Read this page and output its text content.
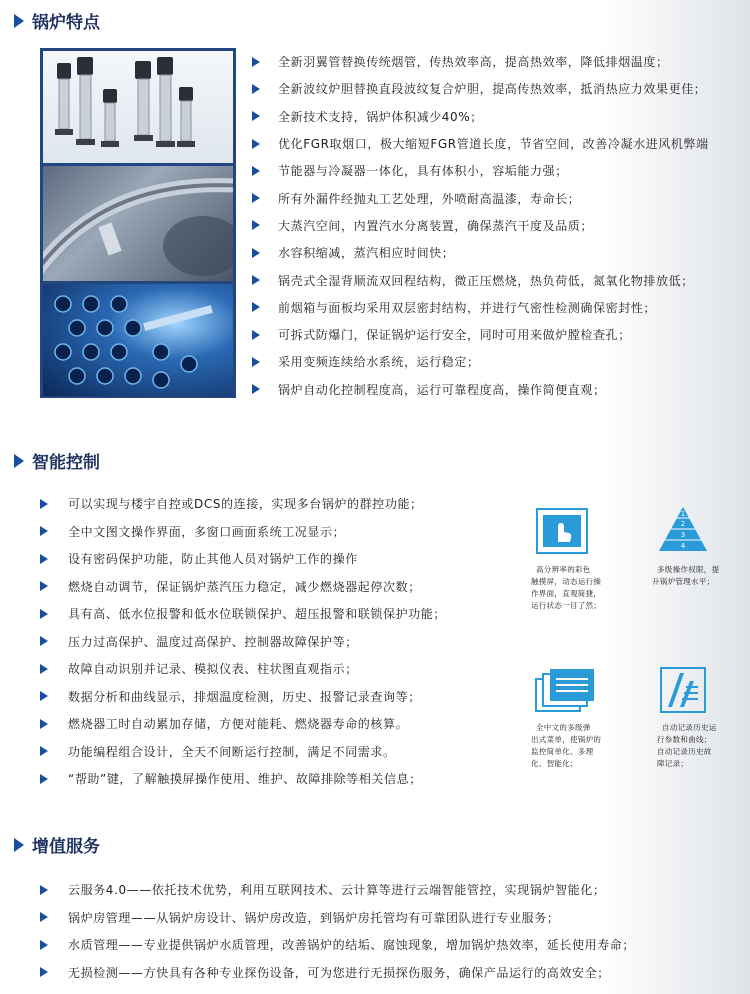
锅炉特点
全新羽翼管替换传统烟管，传热效率高，提高热效率，降低排烟温度；
全新波纹炉胆替换直段波纹复合炉胆，提高传热效率，抵消热应力效果更佳；
全新技术支持，锅炉体积减少40%；
优化FGR取烟口，极大缩短FGR管道长度，节省空间，改善冷凝水进风机弊端
节能器与冷凝器一体化，具有体积小，容垢能力强；
所有外漏件经抛丸工艺处理，外喷耐高温漆，寿命长；
大蒸汽空间，内置汽水分离装置，确保蒸汽干度及品质；
水容积缩减，蒸汽相应时间快；
锅壳式全湿背顺流双回程结构，微正压燃烧，热负荷低，氮氧化物排放低；
前烟箱与面板均采用双层密封结构，并进行气密性检测确保密封性；
可拆式防爆门，保证锅炉运行安全，同时可用来做炉膛检查孔；
采用变频连续给水系统，运行稳定；
锅炉自动化控制程度高，运行可靠程度高，操作简便直观；
智能控制
可以实现与楼宇自控或DCS的连接，实现多台锅炉的群控功能；
全中文图文操作界面，多窗口画面系统工况显示；
设有密码保护功能，防止其他人员对锅炉工作的操作
燃烧自动调节，保证锅炉蒸汽压力稳定，减少燃烧器起停次数；
具有高、低水位报警和低水位联锁保护、超压报警和联锁保护功能；
压力过高保护、温度过高保护、控制器故障保护等；
故障自动识别并记录、模拟仪表、柱状图直观指示；
数据分析和曲线显示，排烟温度检测，历史、报警记录查询等；
燃烧器工时自动累加存储，方便对能耗、燃烧器寿命的核算。
功能编程组合设计，全天不间断运行控制，满足不同需求。
“帮助”键，了解触摸屏操作使用、维护、故障排除等相关信息；
高分辨率的彩色
触摸屏，动态运行操
作界面，直观简捷，
运行状态一目了然；
1
2
3
4
多级操作权限，提
升锅炉管理水平；
全中文的多级弹
出式菜单，使锅炉的
监控简单化、多理
化、智能化；
自动记录历史运
行参数和曲线；
自动记录历史故
障记录；
增值服务
云服务4.0——依托技术优势，利用互联网技术、云计算等进行云端智能管控，实现锅炉智能化；
锅炉房管理——从锅炉房设计、锅炉房改造，到锅炉房托管均有可靠团队进行专业服务；
水质管理——专业提供锅炉水质管理，改善锅炉的结垢、腐蚀现象，增加锅炉热效率，延长使用寿命；
无损检测——方快具有各种专业探伤设备，可为您进行无损探伤服务，确保产品运行的高效安全；
